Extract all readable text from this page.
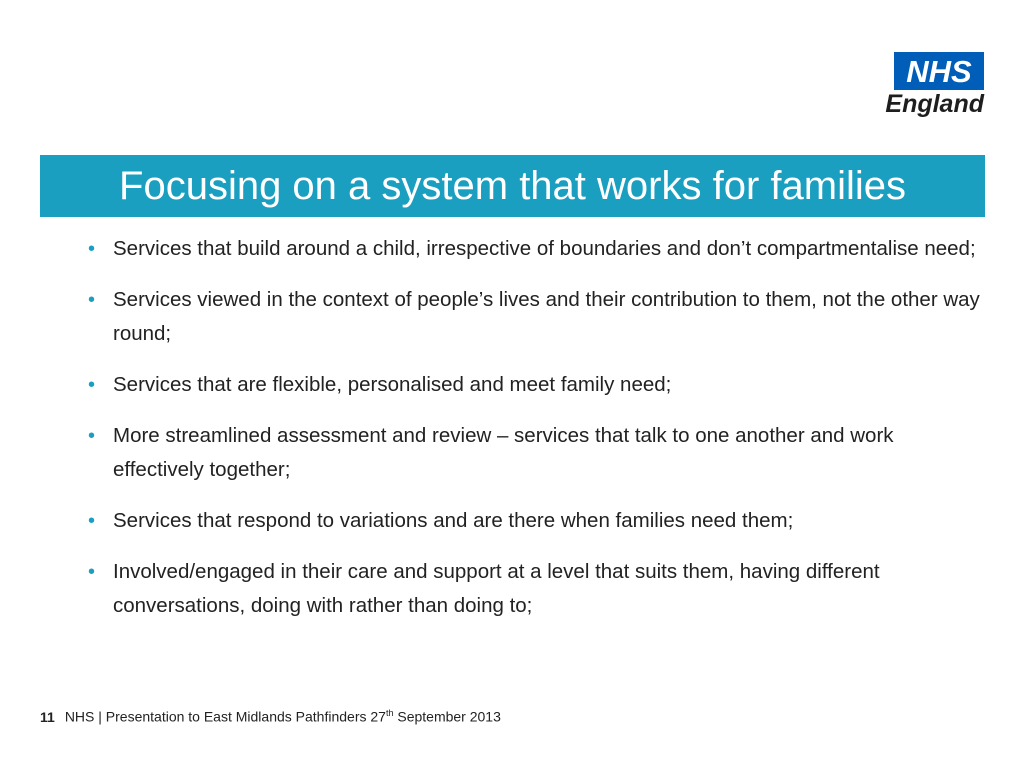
NHS
England
Focusing on a system that works for families
• Services that build around a child, irrespective of boundaries and don’t compartmentalise need;
• Services viewed in the context of people’s lives and their contribution to them, not the other way round;
• Services that are flexible, personalised and meet family need;
• More streamlined assessment and review – services that talk to one another and work effectively together;
• Services that respond to variations and are there when families need them;
• Involved/engaged in their care and support at a level that suits them, having different conversations, doing with rather than doing to;
11 NHS | Presentation to East Midlands Pathfinders 27th September 2013
